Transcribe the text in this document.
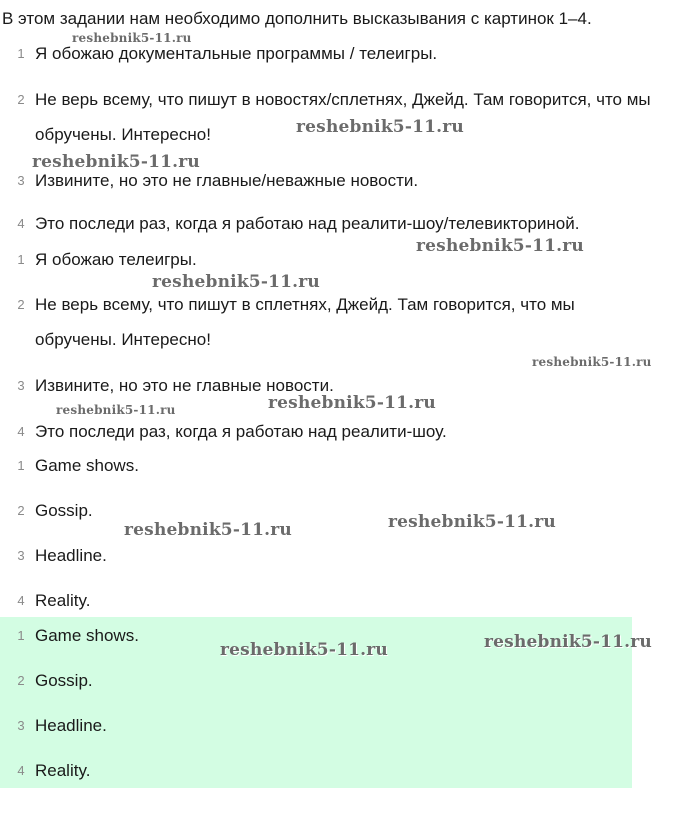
В этом задании нам необходимо дополнить высказывания с картинок 1–4.
1 Я обожаю документальные программы / телеигры.
2 Не верь всему, что пишут в новостях/сплетнях, Джейд. Там говорится, что мы обручены. Интересно!
3 Извините, но это не главные/неважные новости.
4 Это последи раз, когда я работаю над реалити-шоу/телевикториной.
1 Я обожаю телеигры.
2 Не верь всему, что пишут в сплетнях, Джейд. Там говорится, что мы обручены. Интересно!
3 Извините, но это не главные новости.
4 Это последи раз, когда я работаю над реалити-шоу.
1 Game shows.
2 Gossip.
3 Headline.
4 Reality.
1 Game shows.
2 Gossip.
3 Headline.
4 Reality.
reshebnik5-11.ru
reshebnik5-11.ru
reshebnik5-11.ru
reshebnik5-11.ru
reshebnik5-11.ru
reshebnik5-11.ru
reshebnik5-11.ru
reshebnik5-11.ru
reshebnik5-11.ru	reshebnik5-11.ru
reshebnik5-11.ru
reshebnik5-11.ru
